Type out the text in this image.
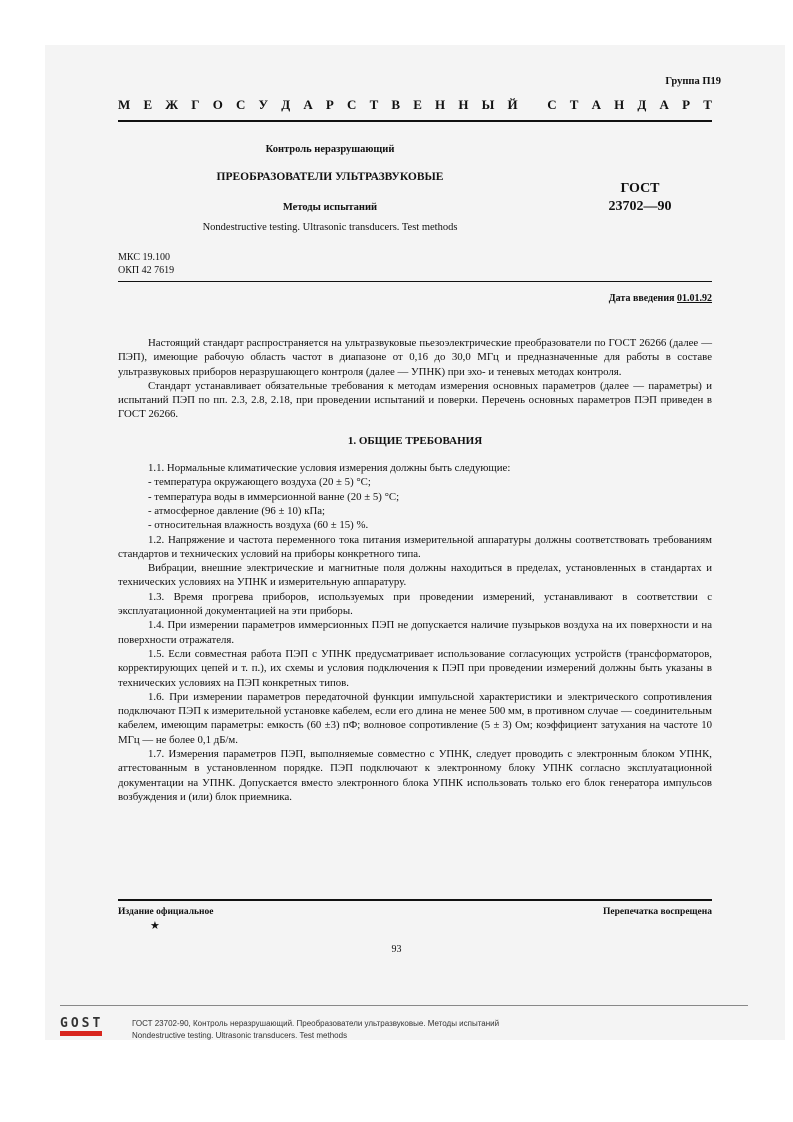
Группа П19
М Е Ж Г О С У Д А Р С Т В Е Н Н Ы Й
С Т А Н Д А Р Т
Контроль неразрушающий
ПРЕОБРАЗОВАТЕЛИ УЛЬТРАЗВУКОВЫЕ
Методы испытаний
Nondestructive testing. Ultrasonic transducers. Test methods
ГОСТ
23702—90
МКС 19.100
ОКП 42 7619
Дата введения 01.01.92

Настоящий стандарт распространяется на ультразвуковые пьезоэлектрические преобразователи по ГОСТ 26266 (далее — ПЭП), имеющие рабочую область частот в диапазоне от 0,16 до 30,0 МГц и предназначенные для работы в составе ультразвуковых приборов неразрушающего контроля (далее — УПНК) при эхо- и теневых методах контроля.

Стандарт устанавливает обязательные требования к методам измерения основных параметров (далее — параметры) и испытаний ПЭП по пп. 2.3, 2.8, 2.18, при проведении испытаний и поверки. Перечень основных параметров ПЭП приведен в ГОСТ 26266.

1. ОБЩИЕ ТРЕБОВАНИЯ

1.1. Нормальные климатические условия измерения должны быть следующие:

- температура окружающего воздуха (20 ± 5) °С;

- температура воды в иммерсионной ванне (20 ± 5) °С;

- атмосферное давление (96 ± 10) кПа;

- относительная влажность воздуха (60 ± 15) %.

1.2. Напряжение и частота переменного тока питания измерительной аппаратуры должны соответствовать требованиям стандартов и технических условий на приборы конкретного типа.

Вибрации, внешние электрические и магнитные поля должны находиться в пределах, установленных в стандартах и технических условиях на УПНК и измерительную аппаратуру.

1.3. Время прогрева приборов, используемых при проведении измерений, устанавливают в соответствии с эксплуатационной документацией на эти приборы.

1.4. При измерении параметров иммерсионных ПЭП не допускается наличие пузырьков воздуха на их поверхности и на поверхности отражателя.

1.5. Если совместная работа ПЭП с УПНК предусматривает использование согласующих устройств (трансформаторов, корректирующих цепей и т. п.), их схемы и условия подключения к ПЭП при проведении измерений должны быть указаны в технических условиях на ПЭП конкретных типов.

1.6. При измерении параметров передаточной функции импульсной характеристики и электрического сопротивления подключают ПЭП к измерительной установке кабелем, если его длина не менее 500 мм, в противном случае — соединительным кабелем, имеющим параметры: емкость (60 ±3) пФ; волновое сопротивление (5 ± 3) Ом; коэффициент затухания на частоте 10 МГц — не более 0,1 дБ/м.

1.7. Измерения параметров ПЭП, выполняемые совместно с УПНК, следует проводить с электронным блоком УПНК, аттестованным в установленном порядке. ПЭП подключают к электронному блоку УПНК согласно эксплуатационной документации на УПНК. Допускается вместо электронного блока УПНК использовать только его блок генератора импульсов возбуждения и (или) блок приемника.

Издание официальное
★
Перепечатка воспрещена
93
GOST	ГОСТ 23702-90, Контроль неразрушающий. Преобразователи ультразвуковые. Методы испытаний
Nondestructive testing. Ultrasonic transducers. Test methods
